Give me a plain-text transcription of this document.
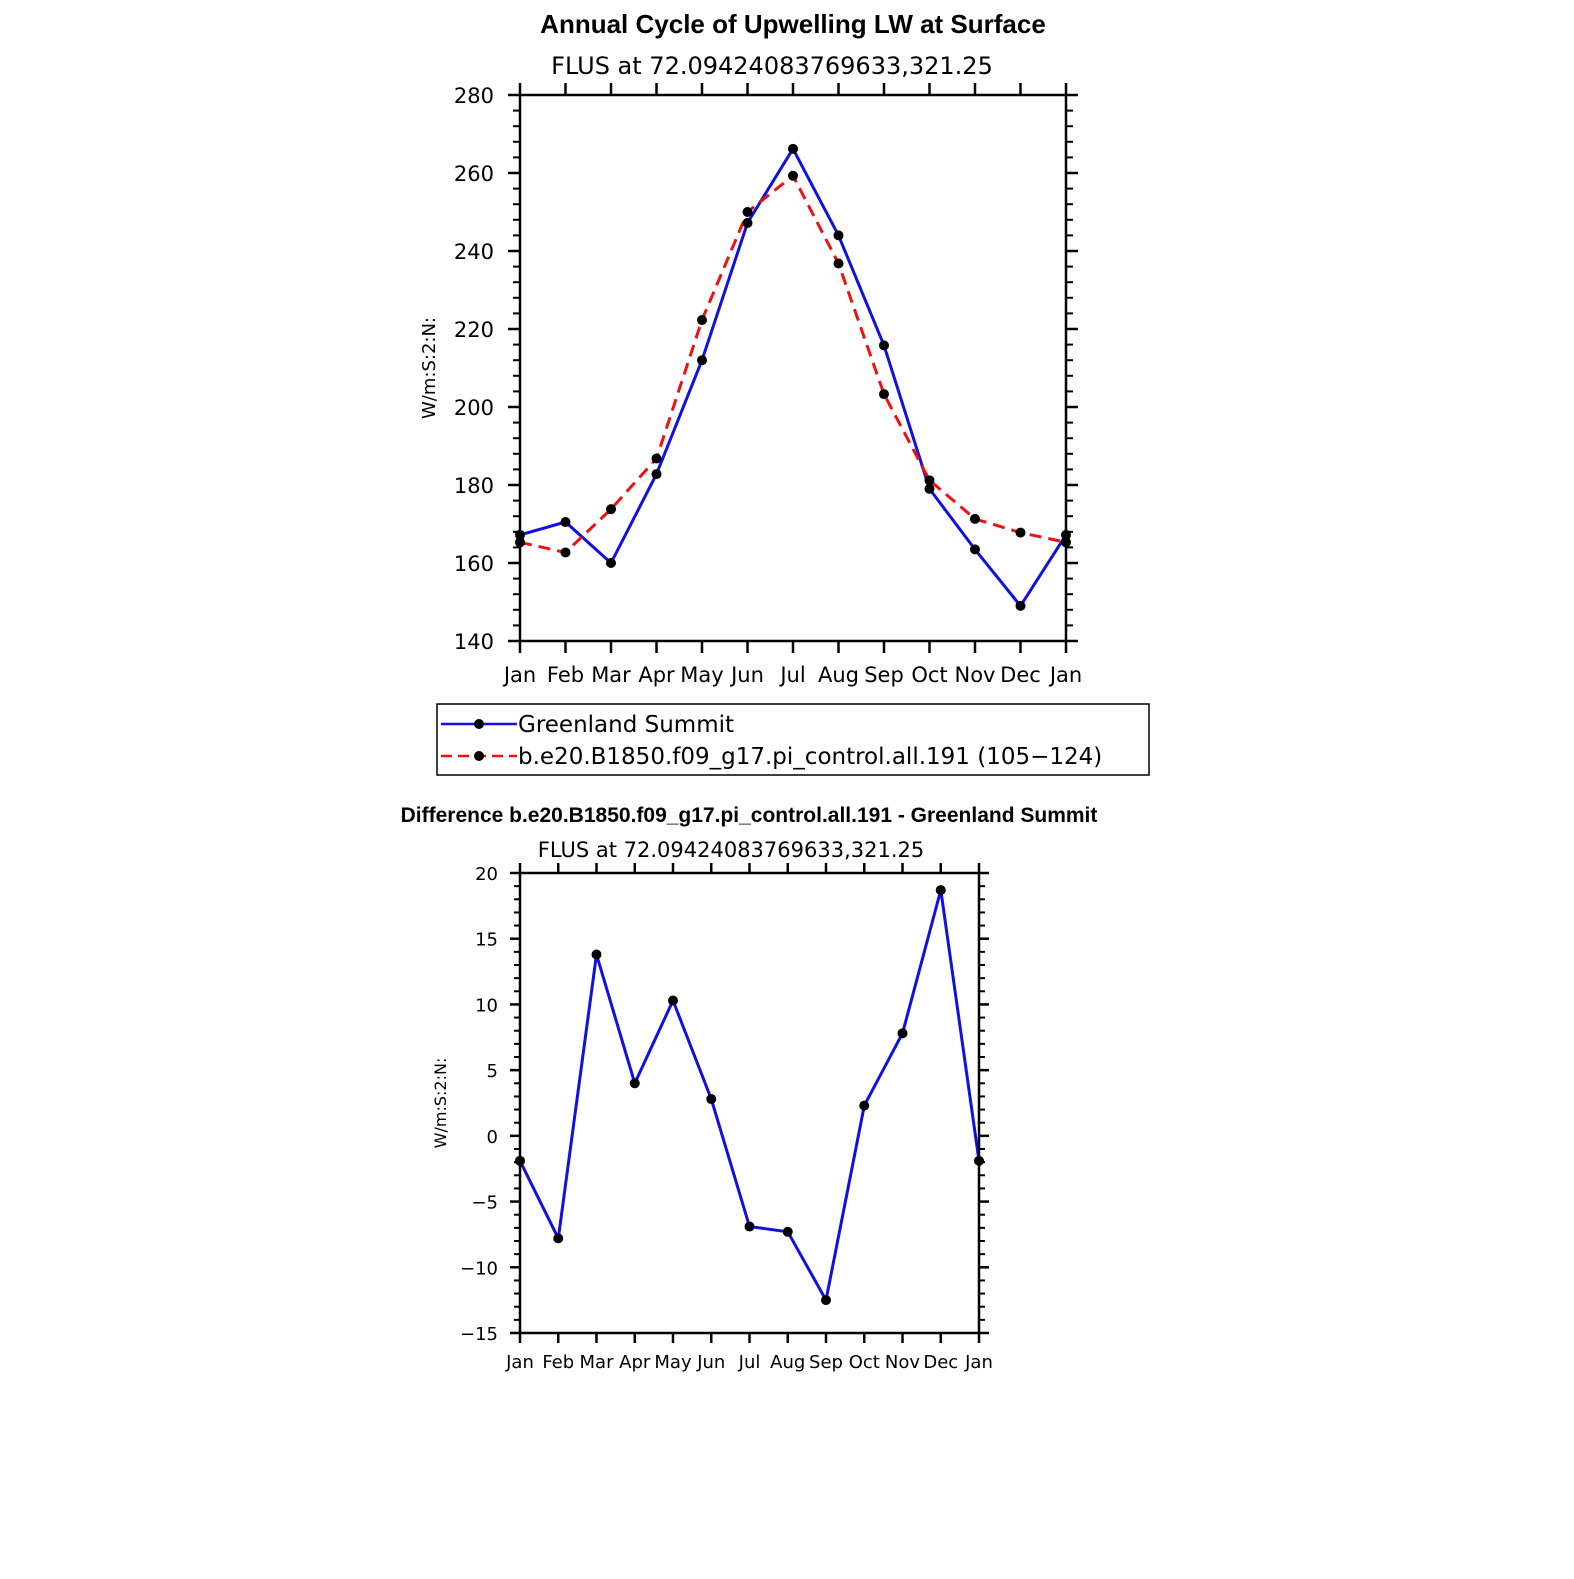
Annual Cycle of Upwelling LW at Surface
FLUS at 72.09424083769633,321.25
W/m:S:2:N:
140
160
180
200
220
240
260
280
Jan Feb Mar Apr May Jun Jul Aug Sep Oct Nov Dec Jan
Greenland Summit
b.e20.B1850.f09_g17.pi_control.all.191 (105−124)
Difference b.e20.B1850.f09_g17.pi_control.all.191 - Greenland Summit
FLUS at 72.09424083769633,321.25
W/m:S:2:N:
−15
−10
−5
0
5
10
15
20
Jan Feb Mar Apr May Jun Jul Aug Sep Oct Nov Dec Jan
